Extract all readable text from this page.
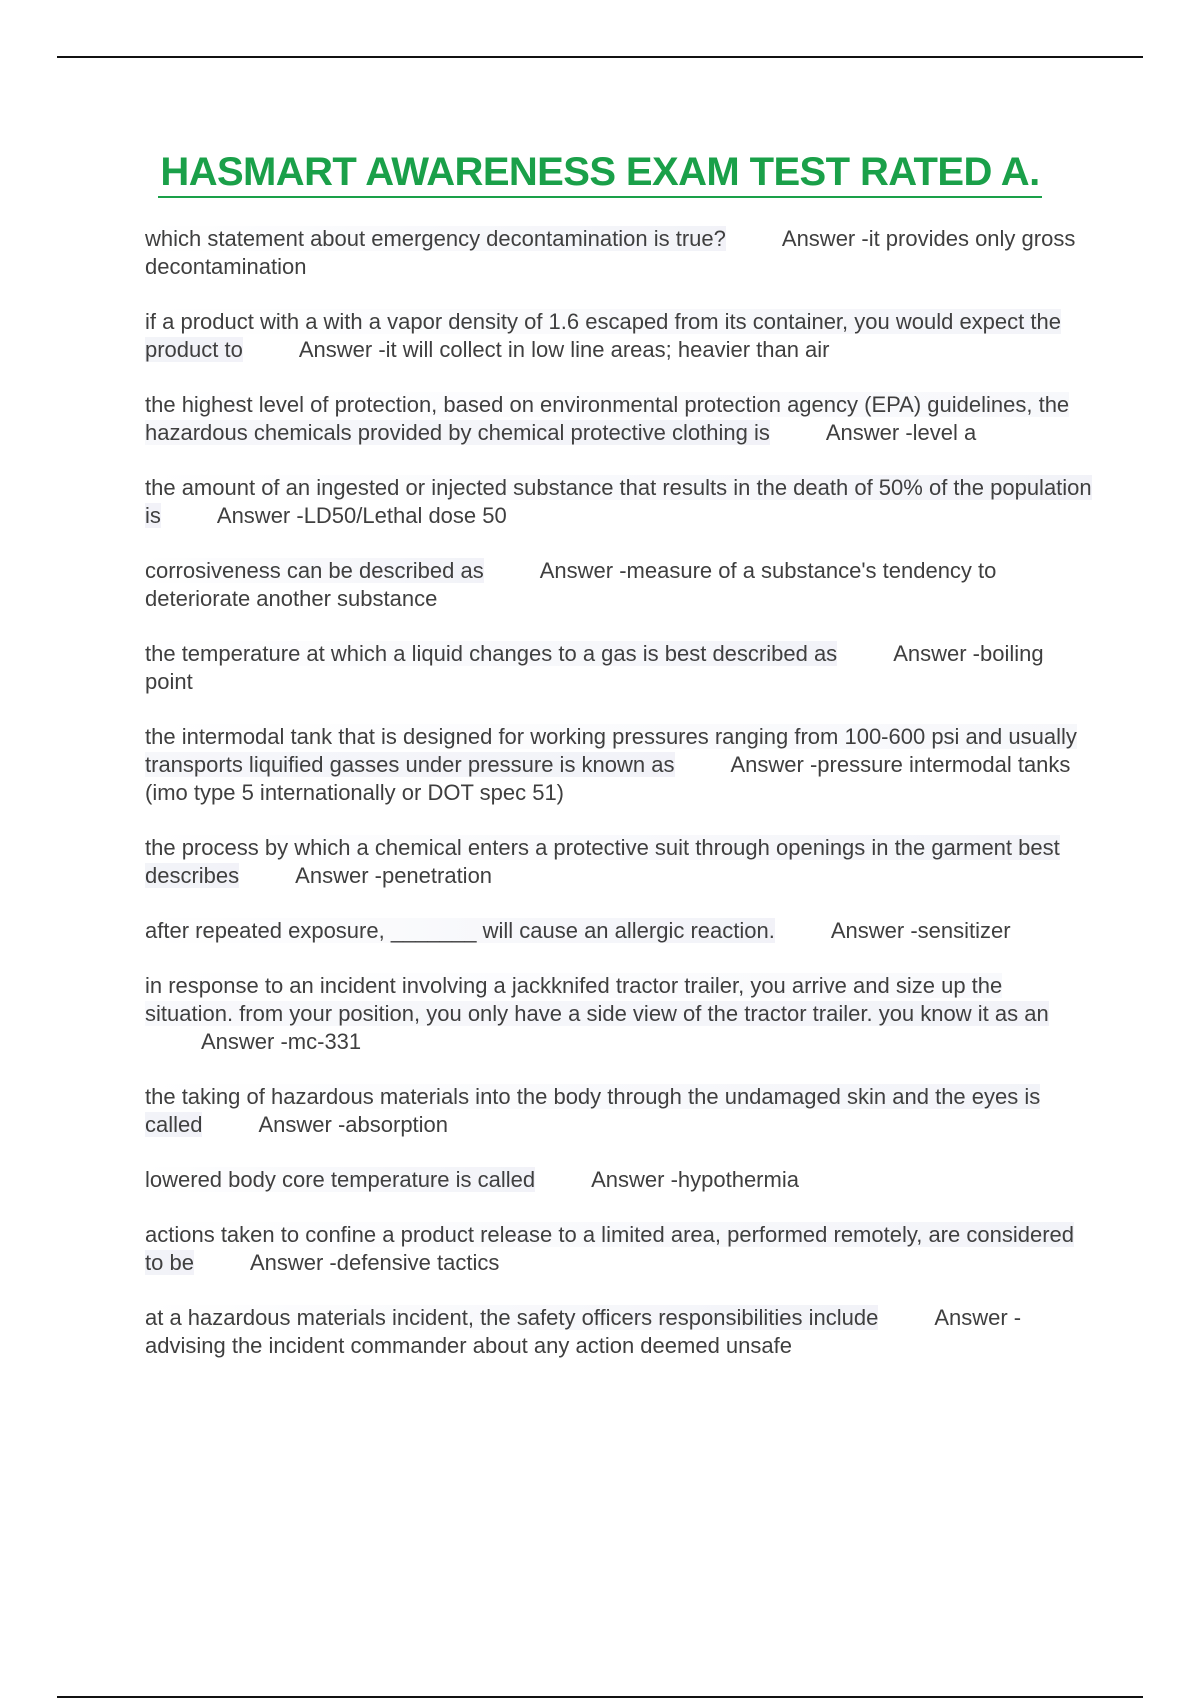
HASMART AWARENESS EXAM TEST RATED A.

which statement about emergency decontamination is true?	Answer -it provides only gross decontamination

if a product with a with a vapor density of 1.6 escaped from its container, you would expect the product to	Answer -it will collect in low line areas; heavier than air

the highest level of protection, based on environmental protection agency (EPA) guidelines, the hazardous chemicals provided by chemical protective clothing is	Answer -level a

the amount of an ingested or injected substance that results in the death of 50% of the population is	Answer -LD50/Lethal dose 50

corrosiveness can be described as	Answer -measure of a substance's tendency to deteriorate another substance

the temperature at which a liquid changes to a gas is best described as	Answer -boiling point

the intermodal tank that is designed for working pressures ranging from 100-600 psi and usually transports liquified gasses under pressure is known as	Answer -pressure intermodal tanks (imo type 5 internationally or DOT spec 51)

the process by which a chemical enters a protective suit through openings in the garment best describes	Answer -penetration

after repeated exposure, _______ will cause an allergic reaction.	Answer -sensitizer

in response to an incident involving a jackknifed tractor trailer, you arrive and size up the situation. from your position, you only have a side view of the tractor trailer. you know it as anAnswer -mc-331

the taking of hazardous materials into the body through the undamaged skin and the eyes is called	Answer -absorption

lowered body core temperature is called	Answer -hypothermia

actions taken to confine a product release to a limited area, performed remotely, are considered to be	Answer -defensive tactics

at a hazardous materials incident, the safety officers responsibilities include	Answer -advising the incident commander about any action deemed unsafe
